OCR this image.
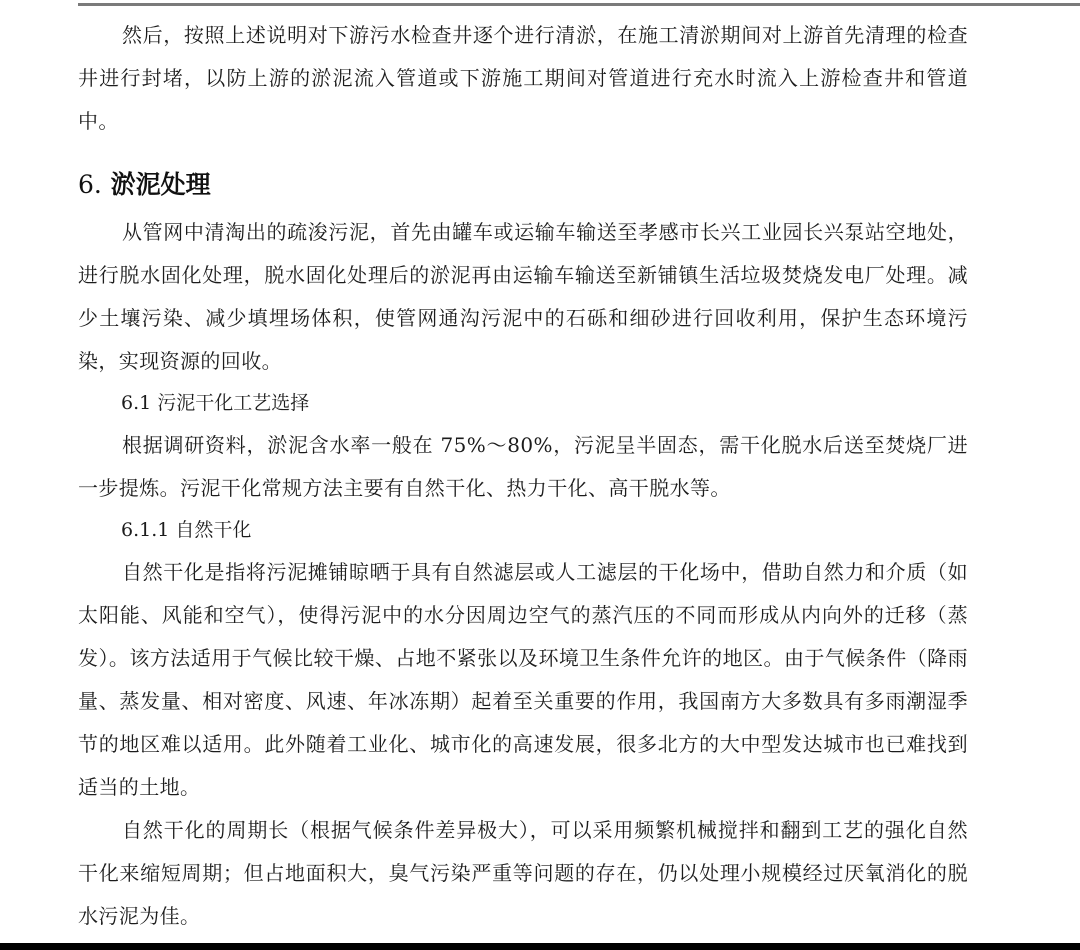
然后，按照上述说明对下游污水检查井逐个进行清淤，在施工清淤期间对上游首先清理的检查井进行封堵，以防上游的淤泥流入管道或下游施工期间对管道进行充水时流入上游检查井和管道中。

6. 淤泥处理

从管网中清淘出的疏浚污泥，首先由罐车或运输车输送至孝感市长兴工业园长兴泵站空地处，进行脱水固化处理，脱水固化处理后的淤泥再由运输车输送至新铺镇生活垃圾焚烧发电厂处理。减少土壤污染、减少填埋场体积，使管网通沟污泥中的石砾和细砂进行回收利用，保护生态环境污染，实现资源的回收。

6.1 污泥干化工艺选择

根据调研资料，淤泥含水率一般在 75%～80%，污泥呈半固态，需干化脱水后送至焚烧厂进一步提炼。污泥干化常规方法主要有自然干化、热力干化、高干脱水等。

6.1.1 自然干化

自然干化是指将污泥摊铺晾晒于具有自然滤层或人工滤层的干化场中，借助自然力和介质（如太阳能、风能和空气），使得污泥中的水分因周边空气的蒸汽压的不同而形成从内向外的迁移（蒸发）。该方法适用于气候比较干燥、占地不紧张以及环境卫生条件允许的地区。由于气候条件（降雨量、蒸发量、相对密度、风速、年冰冻期）起着至关重要的作用，我国南方大多数具有多雨潮湿季节的地区难以适用。此外随着工业化、城市化的高速发展，很多北方的大中型发达城市也已难找到适当的土地。

自然干化的周期长（根据气候条件差异极大），可以采用频繁机械搅拌和翻到工艺的强化自然干化来缩短周期；但占地面积大，臭气污染严重等问题的存在，仍以处理小规模经过厌氧消化的脱水污泥为佳。
